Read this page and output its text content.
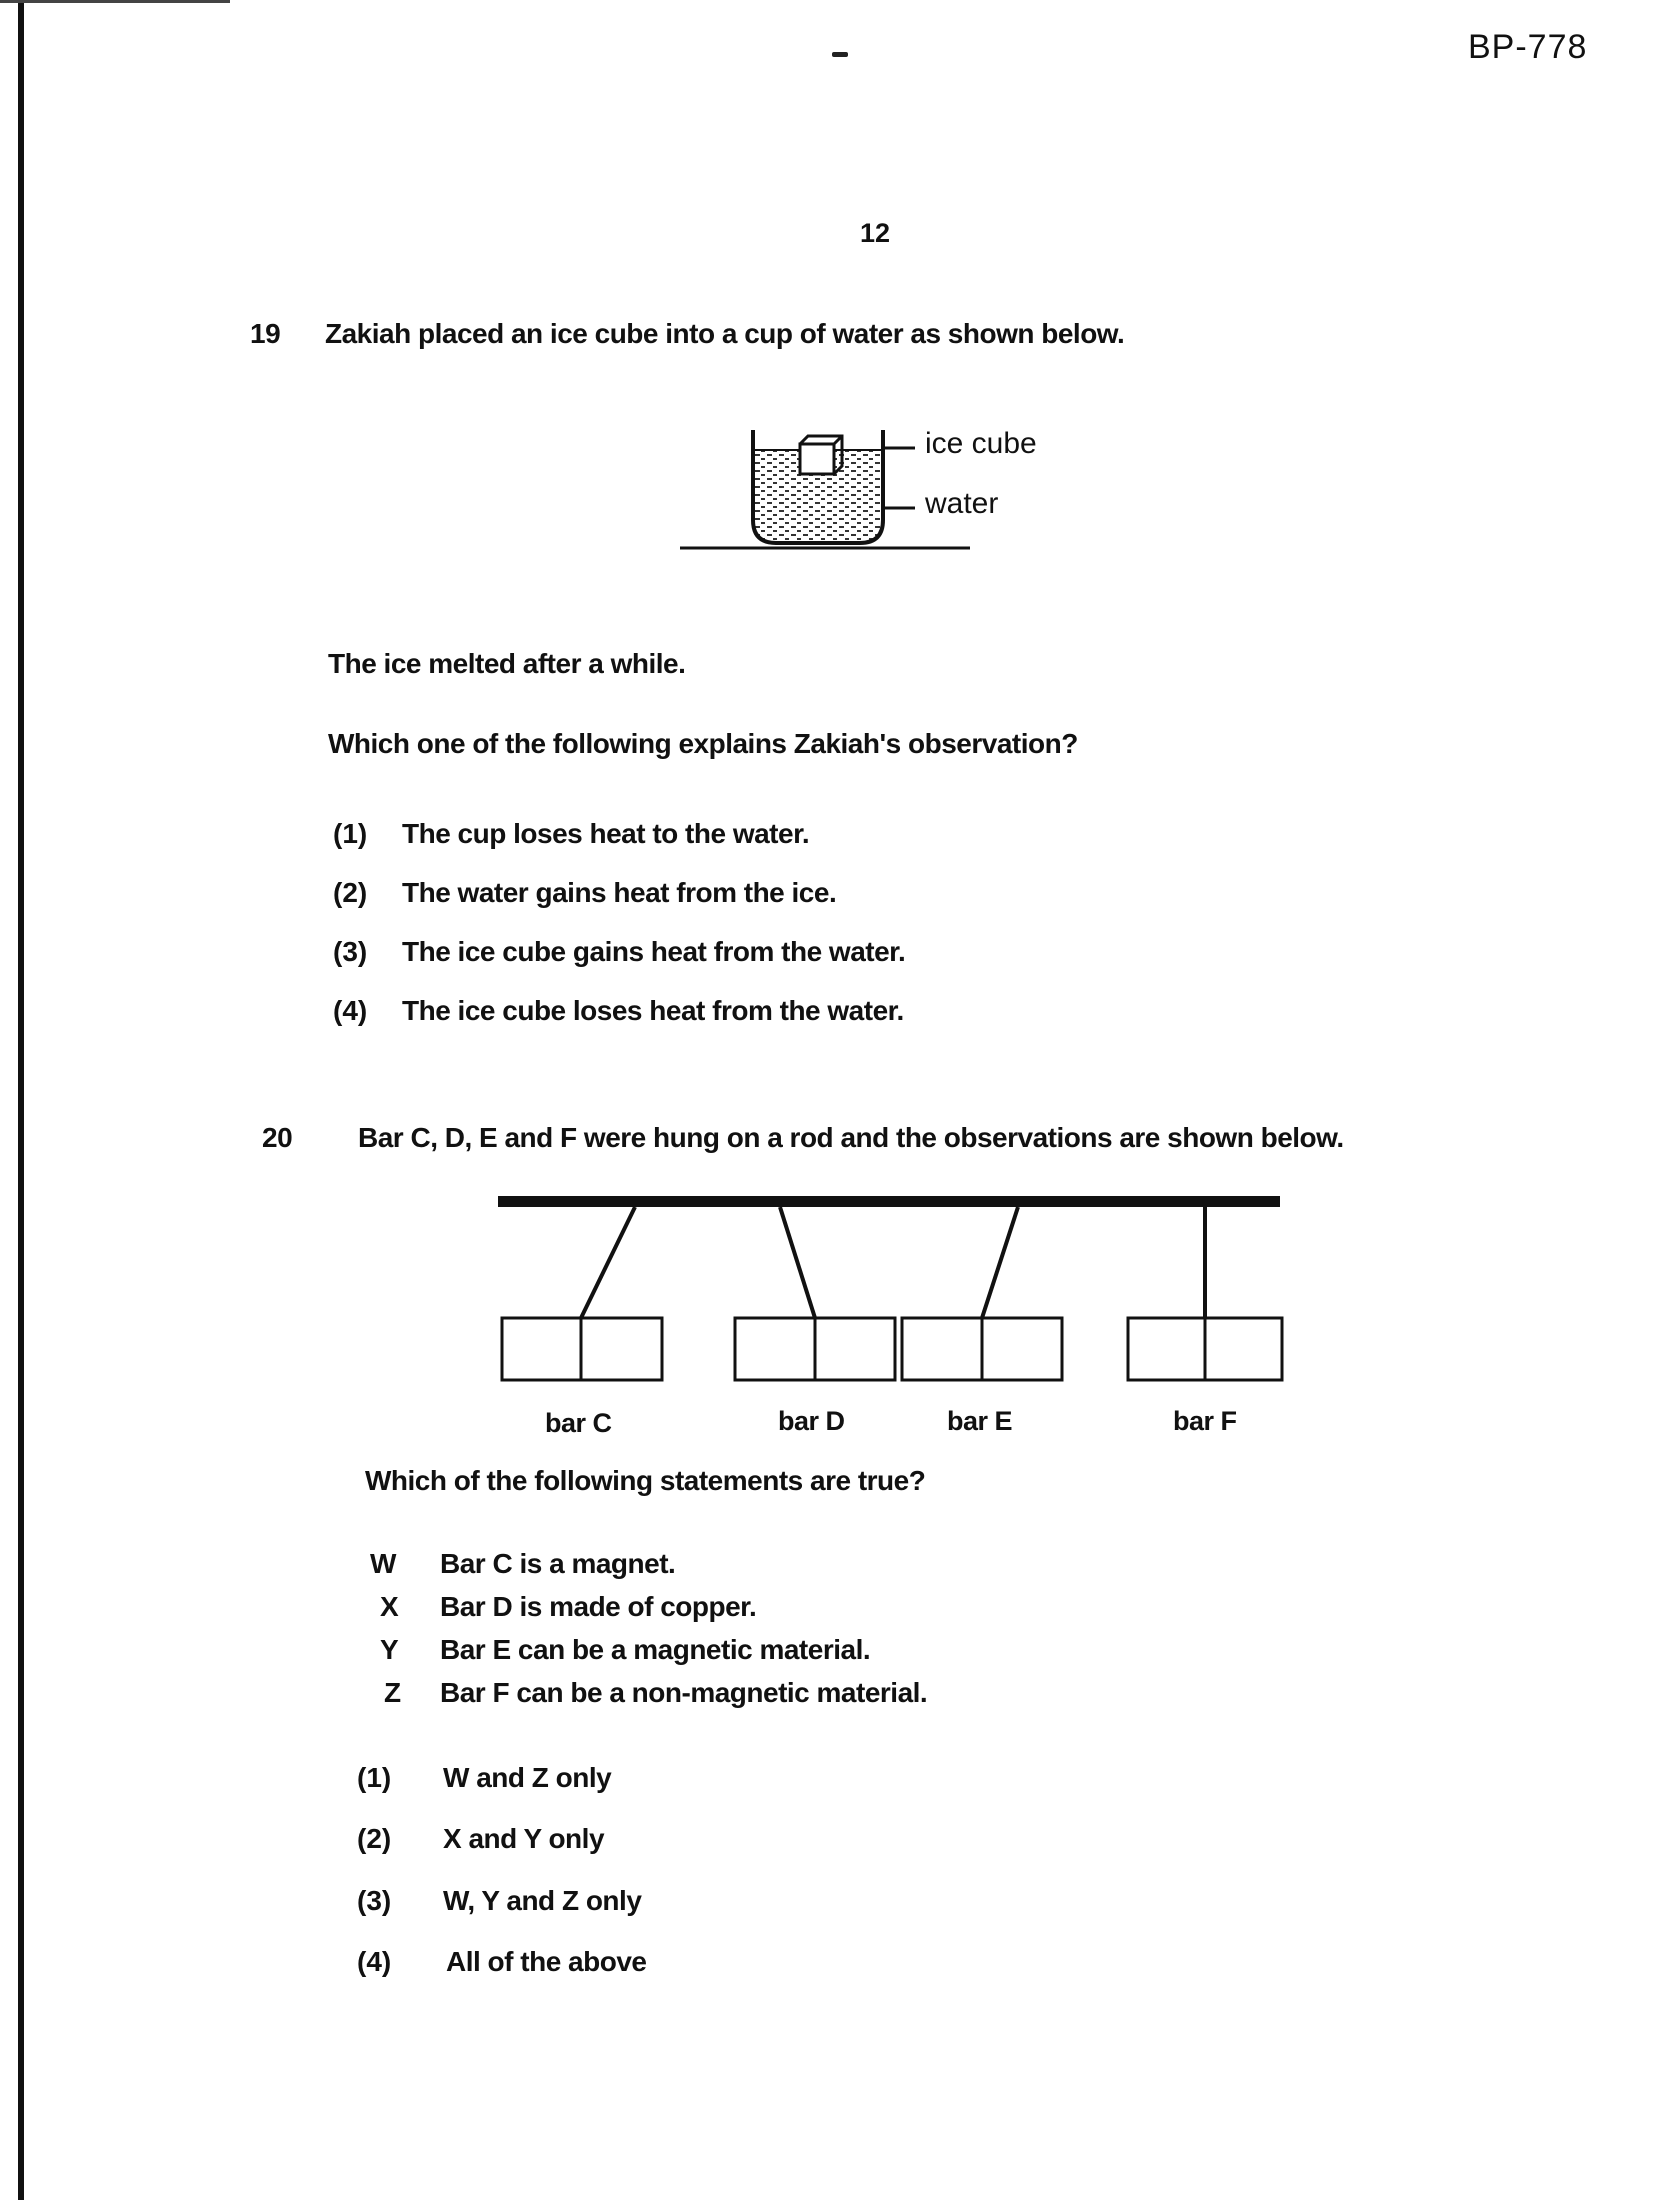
BP-778
12
19 Zakiah placed an ice cube into a cup of water as shown below.
ice cube
water
The ice melted after a while.
Which one of the following explains Zakiah's observation?
(1) The cup loses heat to the water.
(2) The water gains heat from the ice.
(3) The ice cube gains heat from the water.
(4) The ice cube loses heat from the water.
20 Bar C, D, E and F were hung on a rod and the observations are shown below.
bar C	bar D	bar E	bar F
Which of the following statements are true?
W Bar C is a magnet.
X Bar D is made of copper.
Y Bar E can be a magnetic material.
Z Bar F can be a non-magnetic material.
(1) W and Z only
(2) X and Y only
(3) W, Y and Z only
(4) All of the above
